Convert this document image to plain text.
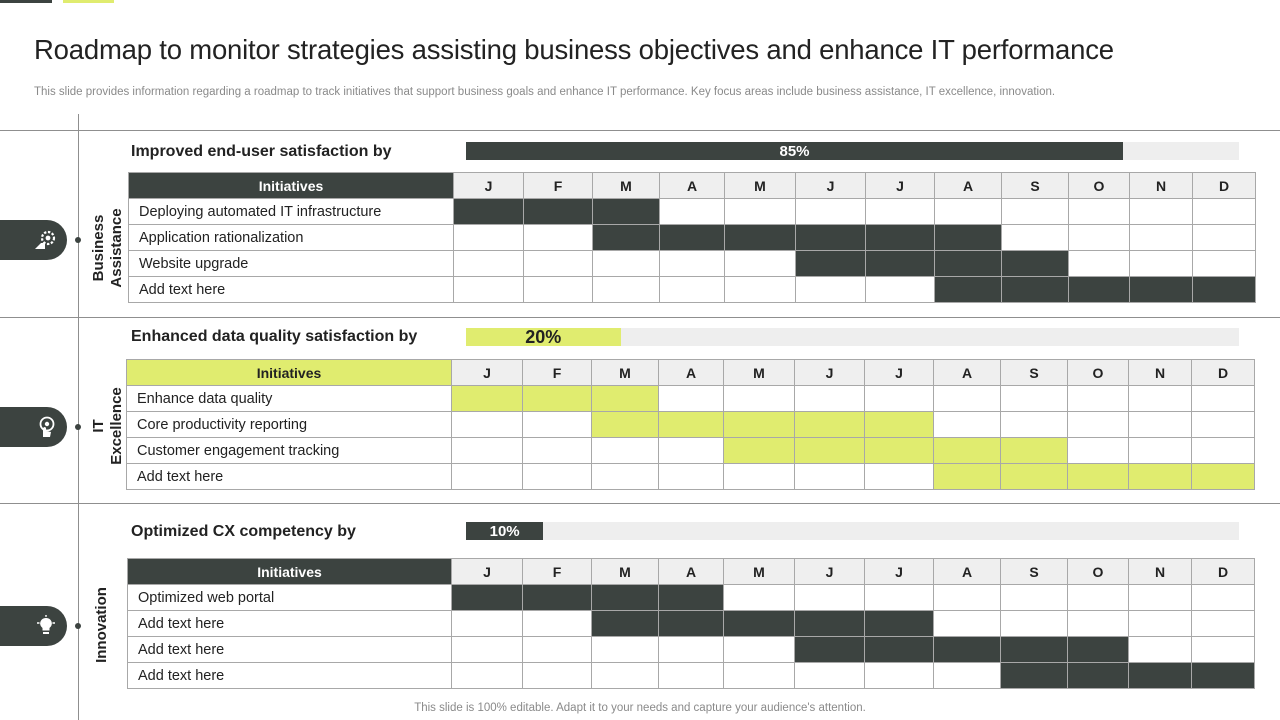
Roadmap to monitor strategies assisting business objectives and enhance IT performance
This slide provides information regarding a roadmap to track initiatives that support business goals and enhance IT performance. Key focus areas include business assistance, IT excellence, innovation.
Business Assistance
Improved end-user satisfaction by	85%
Initiatives	J	F	M	A	M	J	J	A	S	O	N	D
Deploying automated IT infrastructure												
Application rationalization												
Website upgrade												
Add text here												
IT Excellence
Enhanced data quality satisfaction by	20%
Initiatives	J	F	M	A	M	J	J	A	S	O	N	D
Enhance data quality												
Core productivity reporting												
Customer engagement tracking												
Add text here												
Innovation
Optimized CX competency by	10%
Initiatives	J	F	M	A	M	J	J	A	S	O	N	D
Optimized web portal												
Add text here												
Add text here												
Add text here												
This slide is 100% editable. Adapt it to your needs and capture your audience's attention.
